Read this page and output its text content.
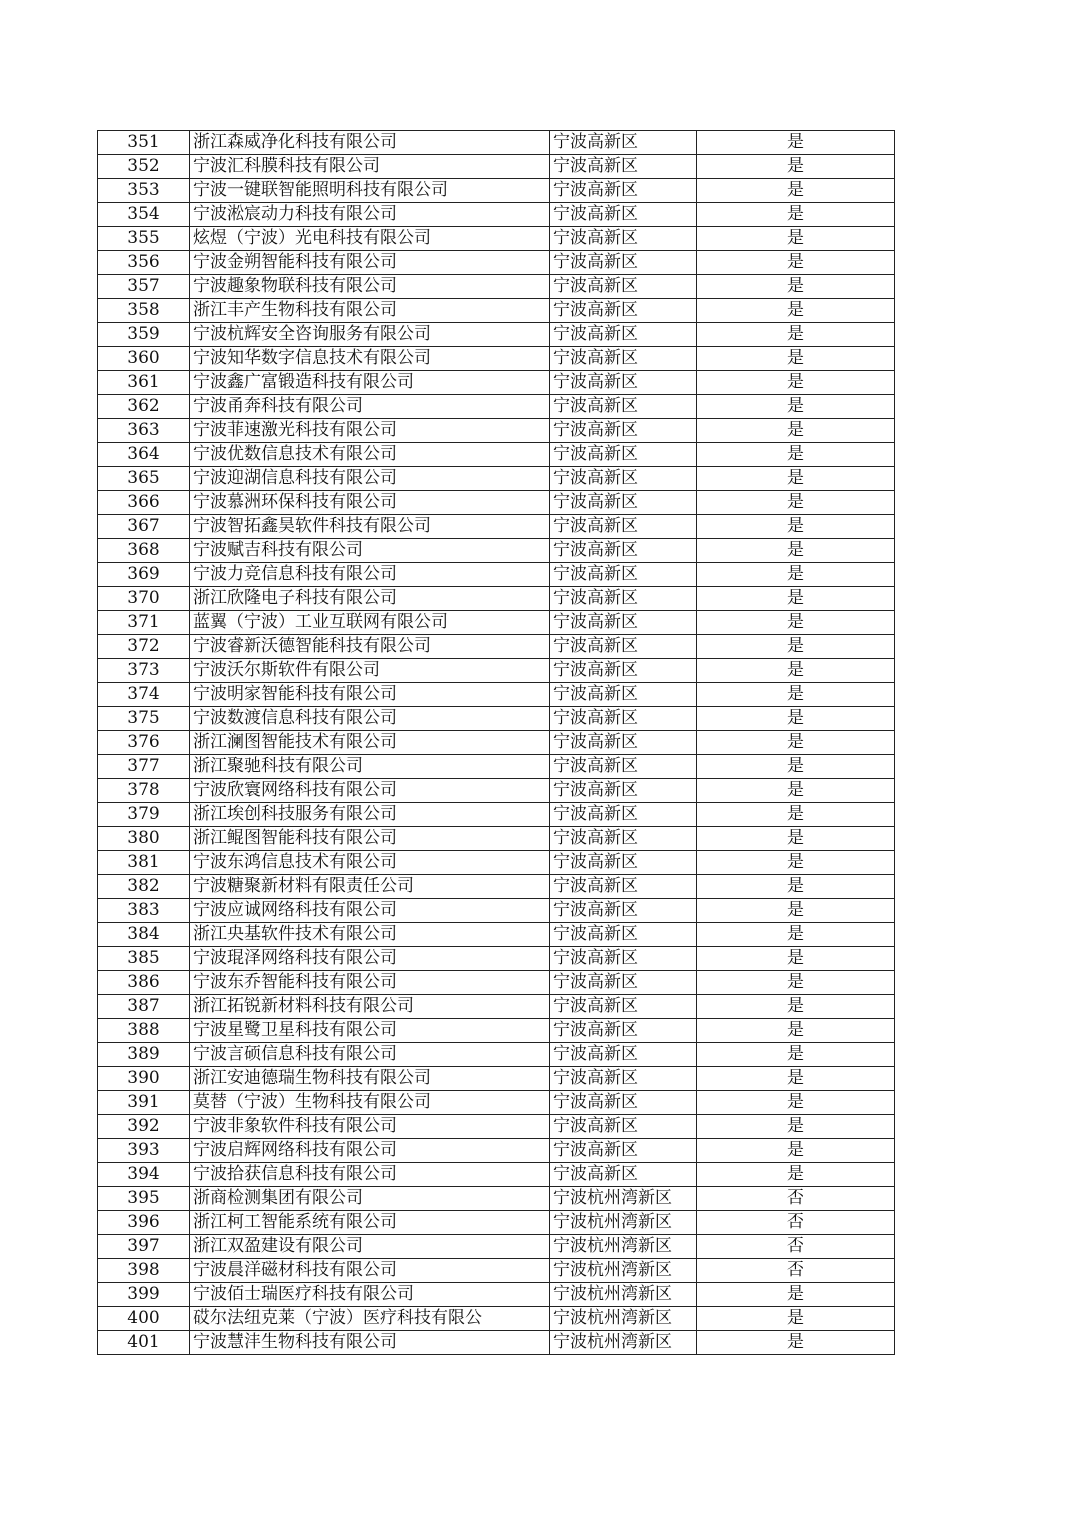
351	浙江森威净化科技有限公司	宁波高新区	是
352	宁波汇科膜科技有限公司	宁波高新区	是
353	宁波一键联智能照明科技有限公司	宁波高新区	是
354	宁波淞宸动力科技有限公司	宁波高新区	是
355	炫煜（宁波）光电科技有限公司	宁波高新区	是
356	宁波金朔智能科技有限公司	宁波高新区	是
357	宁波趣象物联科技有限公司	宁波高新区	是
358	浙江丰产生物科技有限公司	宁波高新区	是
359	宁波杭辉安全咨询服务有限公司	宁波高新区	是
360	宁波知华数字信息技术有限公司	宁波高新区	是
361	宁波鑫广富锻造科技有限公司	宁波高新区	是
362	宁波甬奔科技有限公司	宁波高新区	是
363	宁波菲速激光科技有限公司	宁波高新区	是
364	宁波优数信息技术有限公司	宁波高新区	是
365	宁波迎湖信息科技有限公司	宁波高新区	是
366	宁波慕洲环保科技有限公司	宁波高新区	是
367	宁波智拓鑫昊软件科技有限公司	宁波高新区	是
368	宁波赋吉科技有限公司	宁波高新区	是
369	宁波力竞信息科技有限公司	宁波高新区	是
370	浙江欣隆电子科技有限公司	宁波高新区	是
371	蓝翼（宁波）工业互联网有限公司	宁波高新区	是
372	宁波睿新沃德智能科技有限公司	宁波高新区	是
373	宁波沃尔斯软件有限公司	宁波高新区	是
374	宁波明家智能科技有限公司	宁波高新区	是
375	宁波数渡信息科技有限公司	宁波高新区	是
376	浙江澜图智能技术有限公司	宁波高新区	是
377	浙江聚驰科技有限公司	宁波高新区	是
378	宁波欣寰网络科技有限公司	宁波高新区	是
379	浙江埃创科技服务有限公司	宁波高新区	是
380	浙江鲲图智能科技有限公司	宁波高新区	是
381	宁波东鸿信息技术有限公司	宁波高新区	是
382	宁波糖聚新材料有限责任公司	宁波高新区	是
383	宁波应诚网络科技有限公司	宁波高新区	是
384	浙江央基软件技术有限公司	宁波高新区	是
385	宁波琨泽网络科技有限公司	宁波高新区	是
386	宁波东乔智能科技有限公司	宁波高新区	是
387	浙江拓锐新材料科技有限公司	宁波高新区	是
388	宁波星鹭卫星科技有限公司	宁波高新区	是
389	宁波言硕信息科技有限公司	宁波高新区	是
390	浙江安迪德瑞生物科技有限公司	宁波高新区	是
391	莫替（宁波）生物科技有限公司	宁波高新区	是
392	宁波非象软件科技有限公司	宁波高新区	是
393	宁波启辉网络科技有限公司	宁波高新区	是
394	宁波拾获信息科技有限公司	宁波高新区	是
395	浙商检测集团有限公司	宁波杭州湾新区	否
396	浙江柯工智能系统有限公司	宁波杭州湾新区	否
397	浙江双盈建设有限公司	宁波杭州湾新区	否
398	宁波晨洋磁材科技有限公司	宁波杭州湾新区	否
399	宁波佰士瑞医疗科技有限公司	宁波杭州湾新区	是
400	砹尔法纽克莱（宁波）医疗科技有限公	宁波杭州湾新区	是
401	宁波慧沣生物科技有限公司	宁波杭州湾新区	是
